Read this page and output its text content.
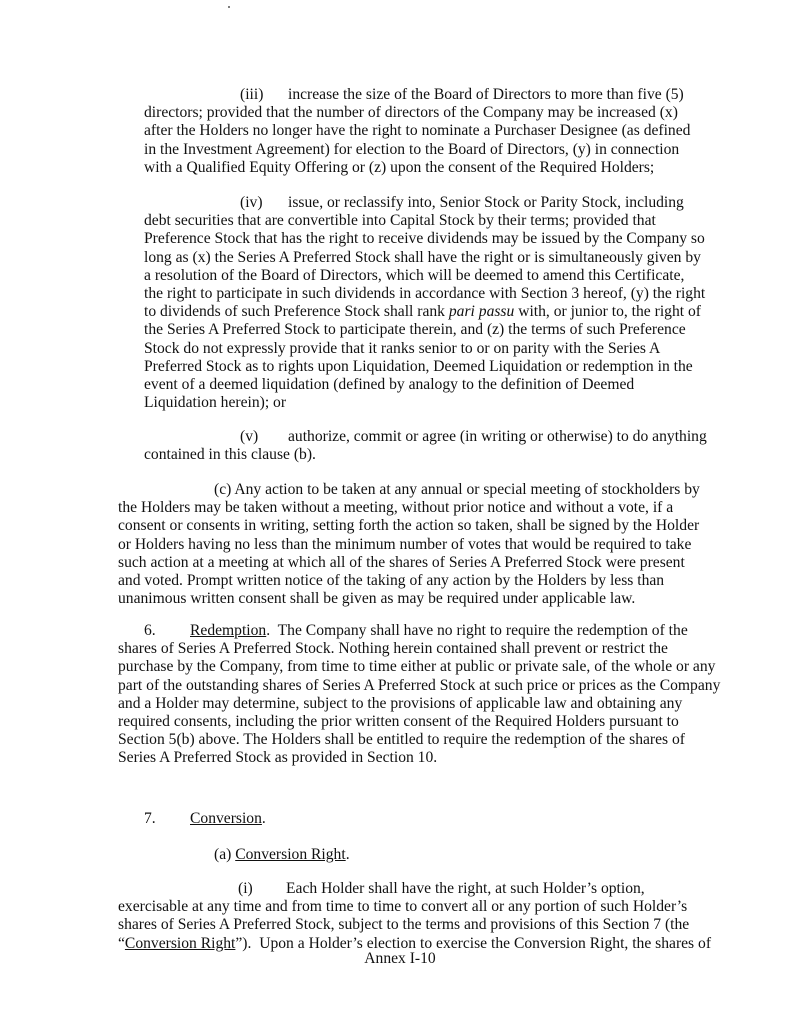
(iii) increase the size of the Board of Directors to more than five (5)
directors; provided that the number of directors of the Company may be increased (x)
after the Holders no longer have the right to nominate a Purchaser Designee (as defined
in the Investment Agreement) for election to the Board of Directors, (y) in connection
with a Qualified Equity Offering or (z) upon the consent of the Required Holders;
(iv) issue, or reclassify into, Senior Stock or Parity Stock, including
debt securities that are convertible into Capital Stock by their terms; provided that
Preference Stock that has the right to receive dividends may be issued by the Company so
long as (x) the Series A Preferred Stock shall have the right or is simultaneously given by
a resolution of the Board of Directors, which will be deemed to amend this Certificate,
the right to participate in such dividends in accordance with Section 3 hereof, (y) the right
to dividends of such Preference Stock shall rank pari passu with, or junior to, the right of
the Series A Preferred Stock to participate therein, and (z) the terms of such Preference
Stock do not expressly provide that it ranks senior to or on parity with the Series A
Preferred Stock as to rights upon Liquidation, Deemed Liquidation or redemption in the
event of a deemed liquidation (defined by analogy to the definition of Deemed
Liquidation herein); or
(v) authorize, commit or agree (in writing or otherwise) to do anything
contained in this clause (b).
(c) Any action to be taken at any annual or special meeting of stockholders by
the Holders may be taken without a meeting, without prior notice and without a vote, if a
consent or consents in writing, setting forth the action so taken, shall be signed by the Holder
or Holders having no less than the minimum number of votes that would be required to take
such action at a meeting at which all of the shares of Series A Preferred Stock were present
and voted. Prompt written notice of the taking of any action by the Holders by less than
unanimous written consent shall be given as may be required under applicable law.
6. Redemption.  The Company shall have no right to require the redemption of the
shares of Series A Preferred Stock. Nothing herein contained shall prevent or restrict the
purchase by the Company, from time to time either at public or private sale, of the whole or any
part of the outstanding shares of Series A Preferred Stock at such price or prices as the Company
and a Holder may determine, subject to the provisions of applicable law and obtaining any
required consents, including the prior written consent of the Required Holders pursuant to
Section 5(b) above. The Holders shall be entitled to require the redemption of the shares of
Series A Preferred Stock as provided in Section 10.
7. Conversion.
(a) Conversion Right.
(i) Each Holder shall have the right, at such Holder’s option,
exercisable at any time and from time to time to convert all or any portion of such Holder’s
shares of Series A Preferred Stock, subject to the terms and provisions of this Section 7 (the
“Conversion Right”).  Upon a Holder’s election to exercise the Conversion Right, the shares of
Annex I-10
